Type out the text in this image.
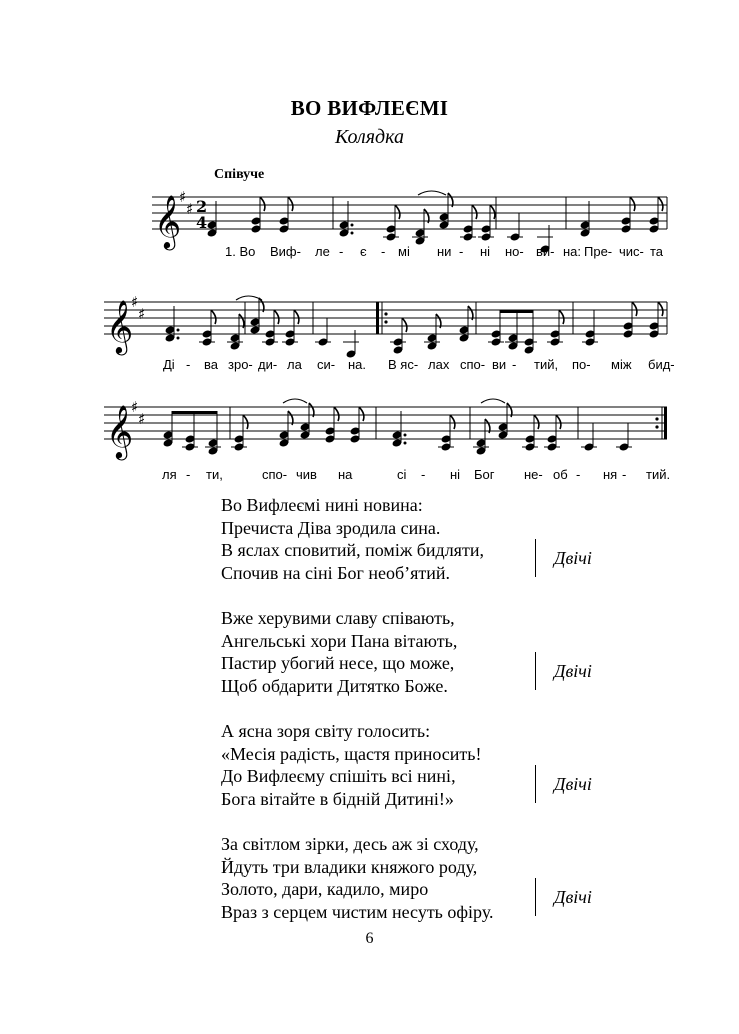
ВО ВИФЛЕЄМІ
Колядка
Співуче
𝄞
♯
♯ 2
4
𝄞
♯
♯
𝄞
♯
♯
1. Во Виф- ле - є - мі ни - ні но- ви- на: Пре- чис- та
Ді - ва зро- ди- ла си- на. В яс- лах спо- ви - тий, по- між бид-
ля - ти,	спо- чив на	сі - ні Бог не- об - ня - тий.
Во Вифлеємі нині новина:
Пречиста Діва зродила сина.
В яслах сповитий, поміж бидляти,
Спочив на сіні Бог необ’ятий.
Двічі
Вже херувими славу співають,
Ангельські хори Пана вітають,
Пастир убогий несе, що може,
Щоб обдарити Дитятко Боже.
Двічі
А ясна зоря світу голосить:
«Месія радість, щастя приносить!
До Вифлеєму спішіть всі нині,
Бога вітайте в бідній Дитині!»
Двічі
За світлом зірки, десь аж зі сходу,
Йдуть три владики княжого роду,
Золото, дари, кадило, миро
Враз з серцем чистим несуть офіру.
Двічі
6
